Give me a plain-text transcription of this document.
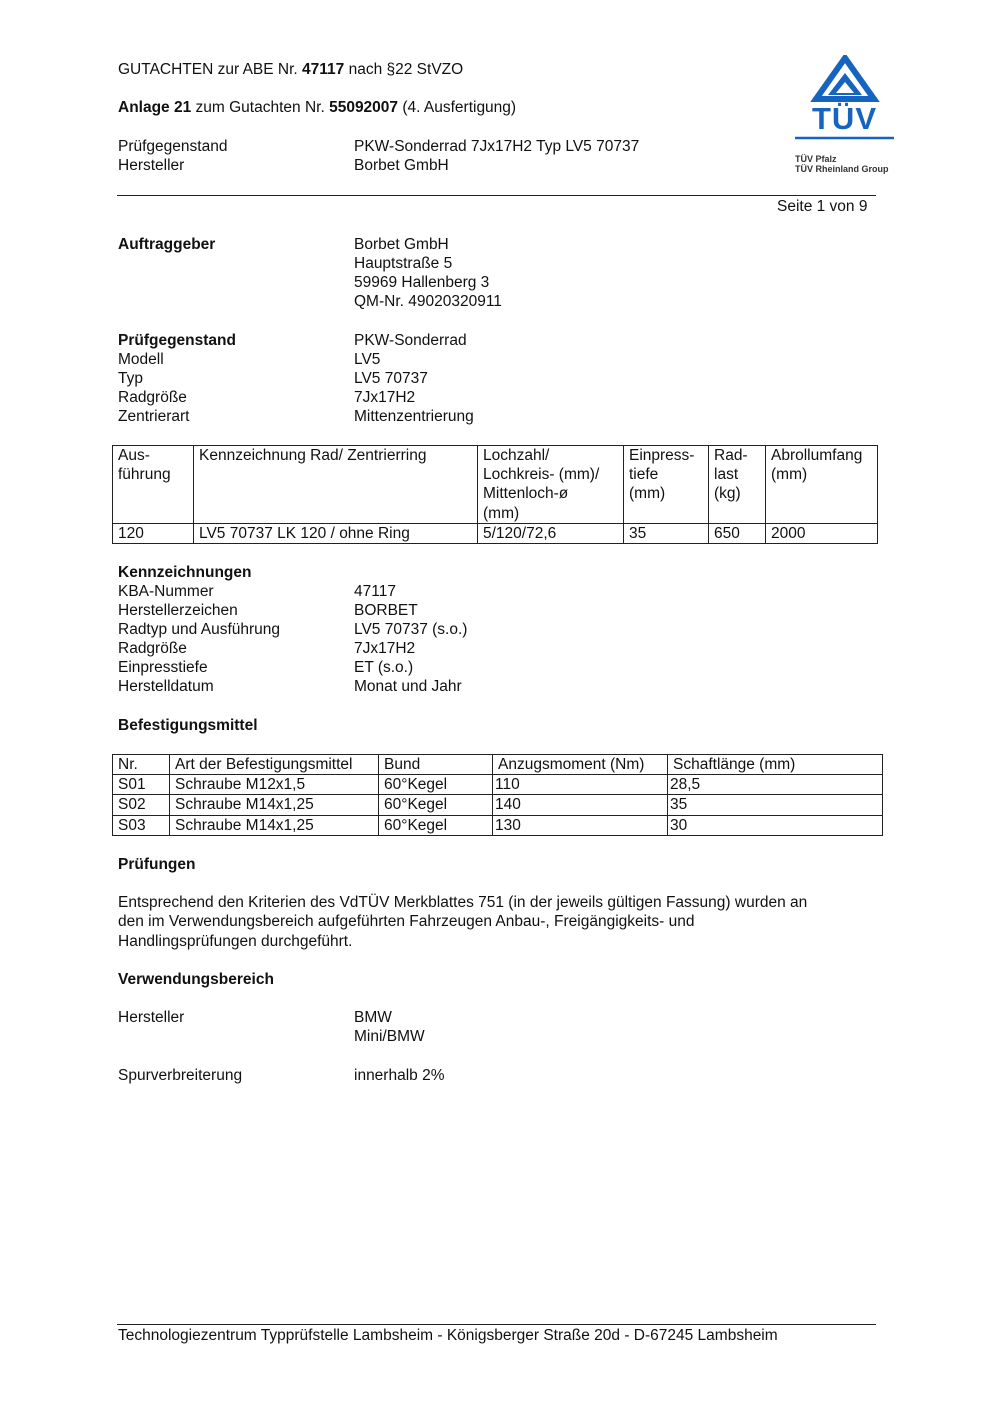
GUTACHTEN zur ABE Nr. 47117 nach §22 StVZO
Anlage 21 zum Gutachten Nr. 55092007 (4. Ausfertigung)
Prüfgegenstand	PKW-Sonderrad 7Jx17H2 Typ LV5 70737
Hersteller	Borbet GmbH
TÜV
TÜV Pfalz
TÜV Rheinland Group
Seite 1 von 9
Auftraggeber	Borbet GmbH
Hauptstraße 5
59969 Hallenberg 3
QM-Nr. 49020320911
Prüfgegenstand	PKW-Sonderrad
Modell	LV5
Typ	LV5 70737
Radgröße	7Jx17H2
Zentrierart	Mittenzentrierung
Aus-
führung	Kennzeichnung Rad/ Zentrierring	Lochzahl/
Lochkreis- (mm)/
Mittenloch-ø
(mm)	Einpress-
tiefe
(mm)	Rad-
last
(kg)	Abrollumfang
(mm)
120	LV5 70737 LK 120 / ohne Ring	5/120/72,6	35	650	2000
Kennzeichnungen
KBA-Nummer	47117
Herstellerzeichen	BORBET
Radtyp und Ausführung	LV5 70737 (s.o.)
Radgröße	7Jx17H2
Einpresstiefe	ET (s.o.)
Herstelldatum	Monat und Jahr
Befestigungsmittel
Nr.	Art der Befestigungsmittel	Bund	Anzugsmoment (Nm)	Schaftlänge (mm)
S01	Schraube M12x1,5	60°Kegel	110	28,5
S02	Schraube M14x1,25	60°Kegel	140	35
S03	Schraube M14x1,25	60°Kegel	130	30
Prüfungen
Entsprechend den Kriterien des VdTÜV Merkblattes 751 (in der jeweils gültigen Fassung) wurden an
den im Verwendungsbereich aufgeführten Fahrzeugen Anbau-, Freigängigkeits- und
Handlingsprüfungen durchgeführt.
Verwendungsbereich
Hersteller	BMW
Mini/BMW
Spurverbreiterung	innerhalb 2%
Technologiezentrum Typprüfstelle Lambsheim - Königsberger Straße 20d - D-67245 Lambsheim
